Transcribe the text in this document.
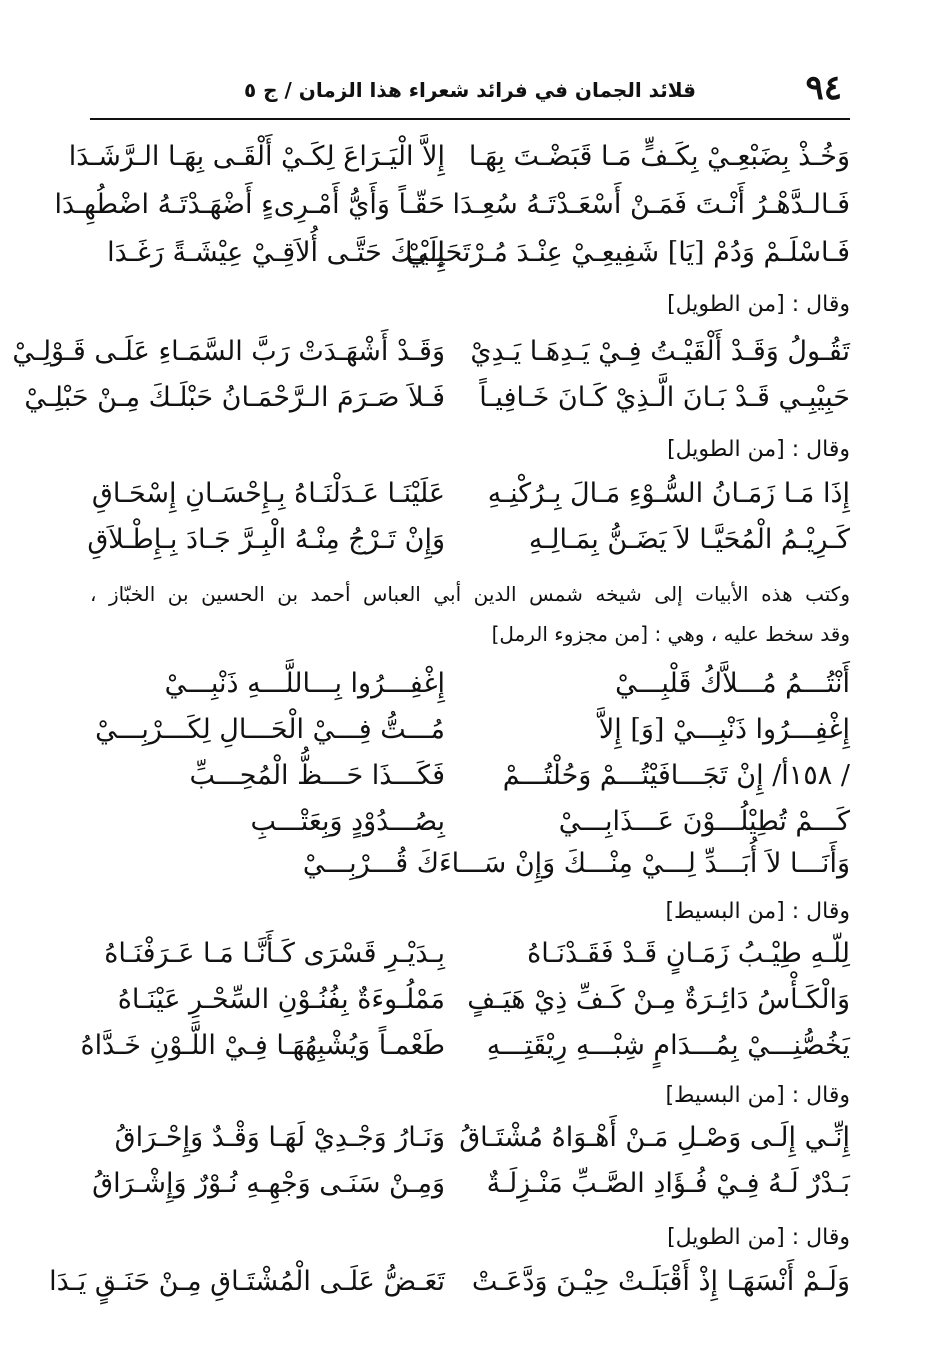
٩٤
قلائد الجمان في فرائد شعراء هذا الزمان / ج ٥
وَخُـذْ بِضَبْعِـيْ بِكَـفٍّ مَـا قَبَضْـتَ بِهَـا
إِلاَّ الْيَـرَاعَ لِكَـيْ أَلْقَـى بِهَـا الـرَّشَـدَا
فَـالـدَّهْـرُ أَنْـتَ فَمَـنْ أَسْعَـدْتَـهُ سُعِـدَا
حَقّـاً وَأَيُّ أَمْـرِىءٍ أَضْهَـدْتَـهُ اضْطُهِـدَا
فَـاسْلَـمْ وَدُمْ [يَا] شَفِيعِـيْ عِنْـدَ مُـرْتَحَلِـيْ
إِلَيْـكَ حَتَّـى أُلاَقِـيْ عِيْشَـةً رَغَـدَا
وقال : [من الطويل]
تَقُـولُ وَقَـدْ أَلْقَيْـتُ فِـيْ يَـدِهَـا يَـدِيْ
وَقَـدْ أَشْهَـدَتْ رَبَّ السَّمَـاءِ عَلَـى قَـوْلِـيْ
حَبِيْبِـي قَـدْ بَـانَ الَّـذِيْ كَـانَ خَـافِيـاً
فَـلاَ صَـرَمَ الـرَّحْمَـانُ حَبْلَـكَ مِـنْ حَبْلِـيْ
وقال : [من الطويل]
إِذَا مَـا زَمَـانُ السُّـوْءِ مَـالَ بِـرُكْنِـهِ
عَلَيْنَـا عَـدَلْنَـاهُ بِـإِحْسَـانِ إِسْحَـاقِ
كَـرِيْـمُ الْمُحَيَّـا لاَ يَضَـنُّ بِمَـالِـهِ
وَإِنْ تَـرْجُ مِنْـهُ الْبِـرَّ جَـادَ بِـإِطْـلاَقِ
وكتب هذه الأبيات إلى شيخه شمس الدين أبي العباس أحمد بن الحسين بن الخبّاز ،
وقد سخط عليه ، وهي : [من مجزوء الرمل]
أَنْتُـــمُ مُـــلاَّكُ قَلْبِـــيْ
إِغْفِـــرُوا بِـــاللَّـــهِ ذَنْبِـــيْ
إِغْفِـــرُوا ذَنْبِـــيْ [وَ] إِلاَّ
مُـــتُّ فِـــيْ الْحَـــالِ لِكَـــرْبِـــيْ
/ ١٥٨أ/ إِنْ تَجَـــافَيْتُـــمْ وَحُلْتُـــمْ
فَكَـــذَا حَـــظُّ الْمُحِـــبِّ
كَـــمْ تُطِيْلُـــوْنَ عَـــذَابِـــيْ
بِصُـــدُوْدٍ وَبِعَتْـــبِ
وَأَنَـــا لاَ أُبَـــدِّ لِـــيْ مِنْـــكَ وَإِنْ سَـــاءَكَ قُـــرْبِـــيْ
وقال : [من البسيط]
لِلّـهِ طِيْـبُ زَمَـانٍ قَـدْ فَقَـدْنَـاهُ
بِـدَيْـرِ قَسْرَى كَـأَنَّـا مَـا عَـرَفْنَـاهُ
وَالْكَـأْسُ دَائِـرَةٌ مِـنْ كَـفِّ ذِيْ هَيَـفٍ
مَمْلُـوءَةٌ بِفُنُـوْنِ السِّحْـرِ عَيْنَـاهُ
يَخُصُّنِـــيْ بِمُـــدَامٍ شِبْـــهِ رِيْقَتِـــهِ
طَعْمـاً وَيُشْبِهُهَـا فِـيْ اللَّـوْنِ خَـدَّاهُ
وقال : [من البسيط]
إِنِّـي إِلَـى وَصْـلِ مَـنْ أَهْـوَاهُ مُشْتَـاقُ
وَنَـارُ وَجْـدِيْ لَهَـا وَقْـدٌ وَإِحْـرَاقُ
بَـدْرٌ لَـهُ فِـيْ فُـؤَادِ الصَّـبِّ مَنْـزِلَـةٌ
وَمِـنْ سَنَـى وَجْهِـهِ نُـوْرٌ وَإِشْـرَاقُ
وقال : [من الطويل]
وَلَـمْ أَنْسَهَـا إِذْ أَقْبَلَـتْ حِيْـنَ وَدَّعَـتْ
تَعَـضُّ عَلَـى الْمُشْتَـاقِ مِـنْ حَنَـقٍ يَـدَا
